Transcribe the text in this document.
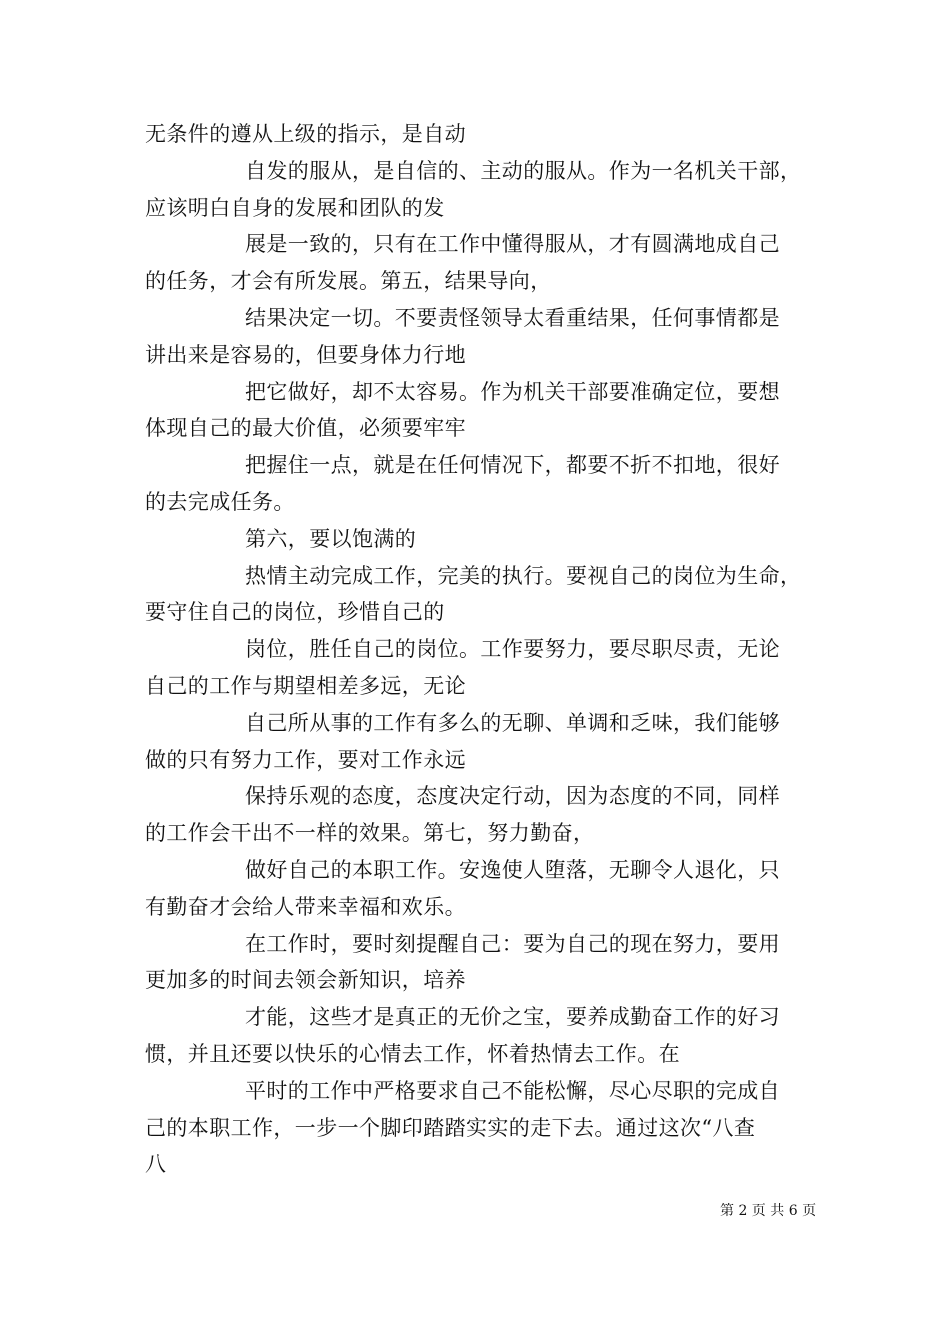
无条件的遵从上级的指示，是自动
自发的服从，是自信的、主动的服从。作为一名机关干部，
应该明白自身的发展和团队的发
展是一致的，只有在工作中懂得服从，才有圆满地成自己
的任务，才会有所发展。第五，结果导向，
结果决定一切。不要责怪领导太看重结果，任何事情都是
讲出来是容易的，但要身体力行地
把它做好，却不太容易。作为机关干部要准确定位，要想
体现自己的最大价值，必须要牢牢
把握住一点，就是在任何情况下，都要不折不扣地，很好
的去完成任务。
第六，要以饱满的
热情主动完成工作，完美的执行。要视自己的岗位为生命，
要守住自己的岗位，珍惜自己的
岗位，胜任自己的岗位。工作要努力，要尽职尽责，无论
自己的工作与期望相差多远，无论
自己所从事的工作有多么的无聊、单调和乏味，我们能够
做的只有努力工作，要对工作永远
保持乐观的态度，态度决定行动，因为态度的不同，同样
的工作会干出不一样的效果。第七，努力勤奋，
做好自己的本职工作。安逸使人堕落，无聊令人退化，只
有勤奋才会给人带来幸福和欢乐。
在工作时，要时刻提醒自己：要为自己的现在努力，要用
更加多的时间去领会新知识，培养
才能，这些才是真正的无价之宝，要养成勤奋工作的好习
惯，并且还要以快乐的心情去工作，怀着热情去工作。在
平时的工作中严格要求自己不能松懈，尽心尽职的完成自
己的本职工作，一步一个脚印踏踏实实的走下去。通过这次“八查
八
第 2 页 共 6 页
